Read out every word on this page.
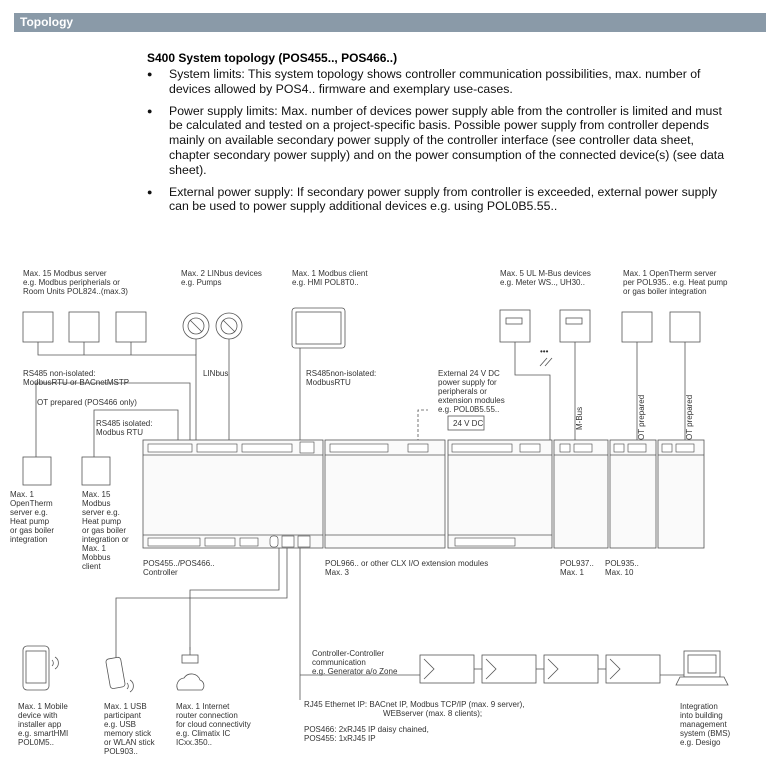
Topology
S400 System topology (POS455.., POS466..)
● System limits: This system topology shows controller communication possibilities, max. number of devices allowed by POS4.. firmware and exemplary use-cases.
● Power supply limits: Max. number of devices power supply able from the controller is limited and must be calculated and tested on a project-specific basis. Possible power supply from controller depends mainly on available secondary power supply of the controller interface (see controller data sheet, chapter secondary power supply) and on the power consumption of the connected device(s) (see data sheet).
● External power supply: If secondary power supply from controller is exceeded, external power supply can be used to power supply additional devices e.g. using POL0B5.55..
Max. 15 Modbus server
e.g. Modbus peripherials or
Room Units POL824..(max.3)
Max. 2 LINbus devices
e.g. Pumps
Max. 1 Modbus client
e.g. HMI POL8T0..
Max. 5 UL M-Bus devices
e.g. Meter WS.., UH30..
Max. 1 OpenTherm server
per POL935.. e.g. Heat pump
or gas boiler integration
•••
RS485 non-isolated:
ModbusRTU or BACnetMSTP
LINbus	RS485non-isolated:
ModbusRTU
OT prepared (POS466 only)
RS485 isolated:
Modbus RTU
External 24 V DC
power supply for
peripherals or
extension modules
e.g. POL0B5.55..
24 V DC	M-Bus	OT prepared	OT prepared
Max. 1
OpenTherm
server e.g.
Heat pump
or gas boiler
integration
Max. 15
Modbus
server e.g.
Heat pump
or gas boiler
integration or
Max. 1
Mobbus
client	POS455../POS466..
Controller
POL966.. or other CLX I/O extension modules
Max. 3
POL937..
Max. 1
POL935..
Max. 10
Controller-Controller
communication
e.g. Generator a/o Zone
RJ45 Ethernet IP: BACnet IP, Modbus TCP/IP (max. 9 server),
WEBserver (max. 8 clients);
POS466: 2xRJ45 IP daisy chained,
POS455: 1xRJ45 IP
Max. 1 Mobile
device with
installer app
e.g. smartHMI
POL0M5..
Max. 1 USB
participant
e.g. USB
memory stick
or WLAN stick
POL903..
Max. 1 Internet
router connection
for cloud connectivity
e.g. Climatix IC
ICxx.350..
Integration
into building
management
system (BMS)
e.g. Desigo
